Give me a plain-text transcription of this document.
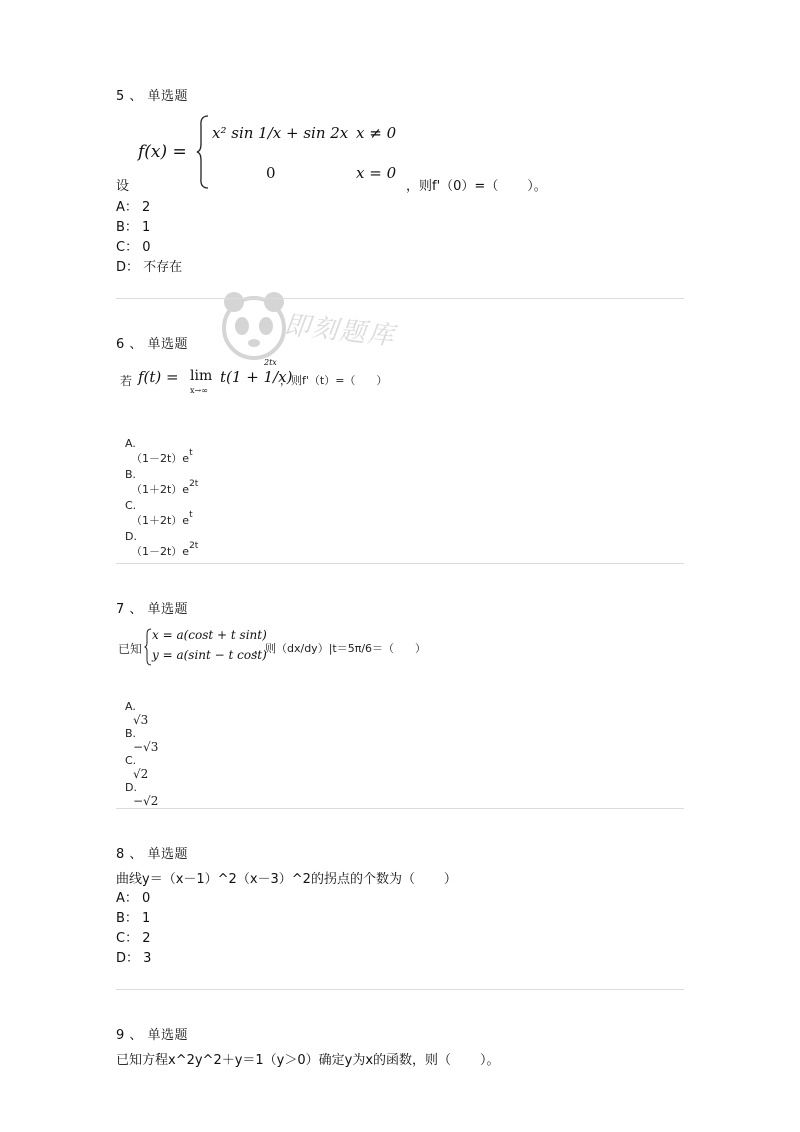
即刻题库
5 、 单选题
设
f(x) =
x² sin 1/x + sin 2x x ≠ 0
0	x = 0
，则f'（0）=（       ）。
A： 2
B： 1
C： 0
D： 不存在
6 、 单选题
若 f(t) = lim
x→∞
t(1 + 1/x)
2tx
，则f'（t）=（      ）

A.
$(1-2t)e^t$

B.
$(1+2t)e^{2t}$

C.
$(1+2t)e^t$

D.
$(1-2t)e^{2t}$

7 、 单选题
已知
x = a(cost + t sint)
y = a(sint − t cost)
，则（dx/dy）|t＝5π/6＝（      ）

A.
√3

B.
−√3

C.
√2

D.
−√2

8 、 单选题
曲线y＝（x－1）^2（x－3）^2的拐点的个数为（       ）
A： 0
B： 1
C： 2
D： 3
9 、 单选题
已知方程x^2y^2＋y＝1（y＞0）确定y为x的函数，则（       ）。
